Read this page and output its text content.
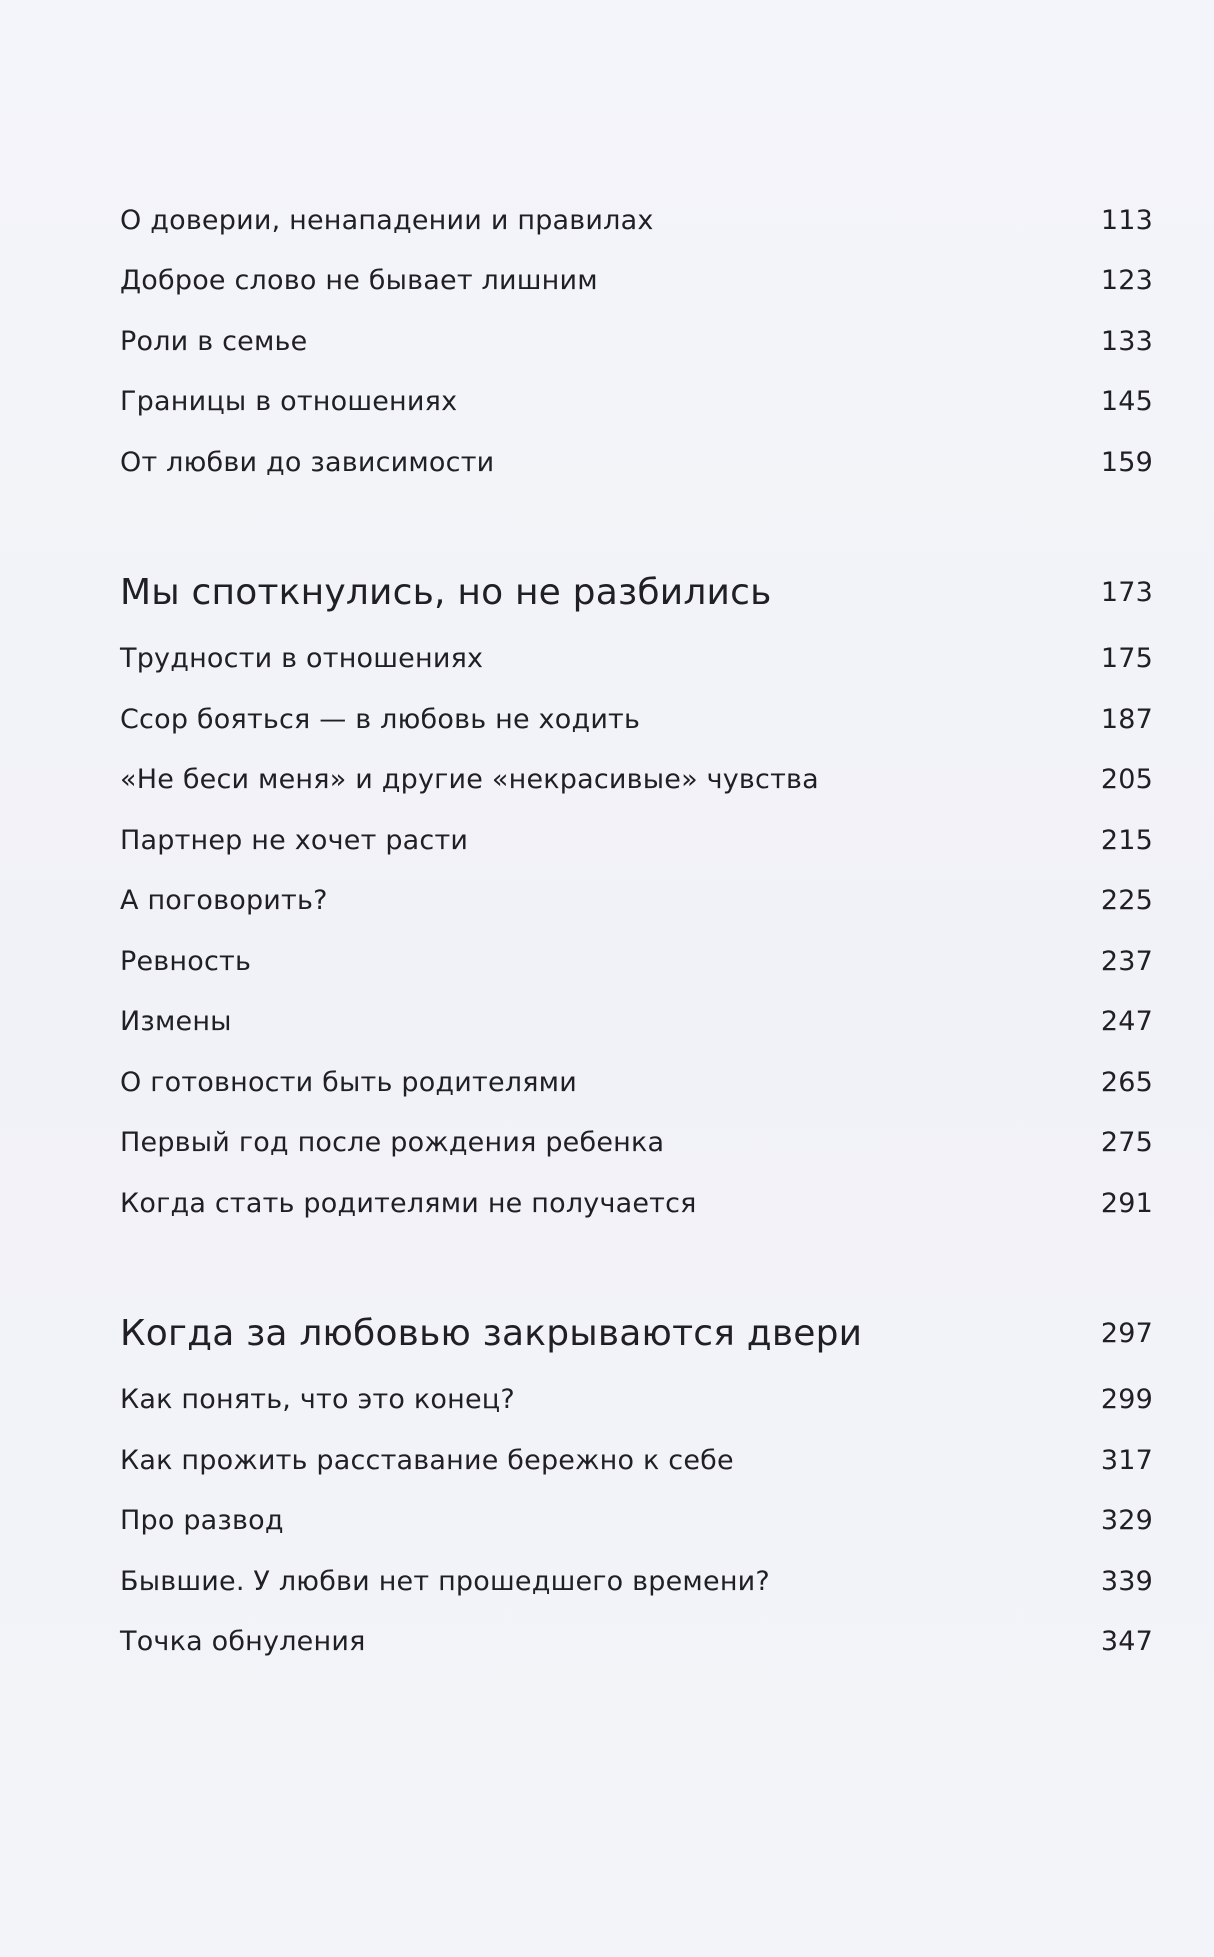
О доверии, ненападении и правилах	113
Доброе слово не бывает лишним	123
Роли в семье	133
Границы в отношениях	145
От любви до зависимости	159
Мы споткнулись, но не разбились	173
Трудности в отношениях	175
Ссор бояться — в любовь не ходить	187
«Не беси меня» и другие «некрасивые» чувства	205
Партнер не хочет расти	215
А поговорить?	225
Ревность	237
Измены	247
О готовности быть родителями	265
Первый год после рождения ребенка	275
Когда стать родителями не получается	291
Когда за любовью закрываются двери	297
Как понять, что это конец?	299
Как прожить расставание бережно к себе	317
Про развод	329
Бывшие. У любви нет прошедшего времени?	339
Точка обнуления	347
